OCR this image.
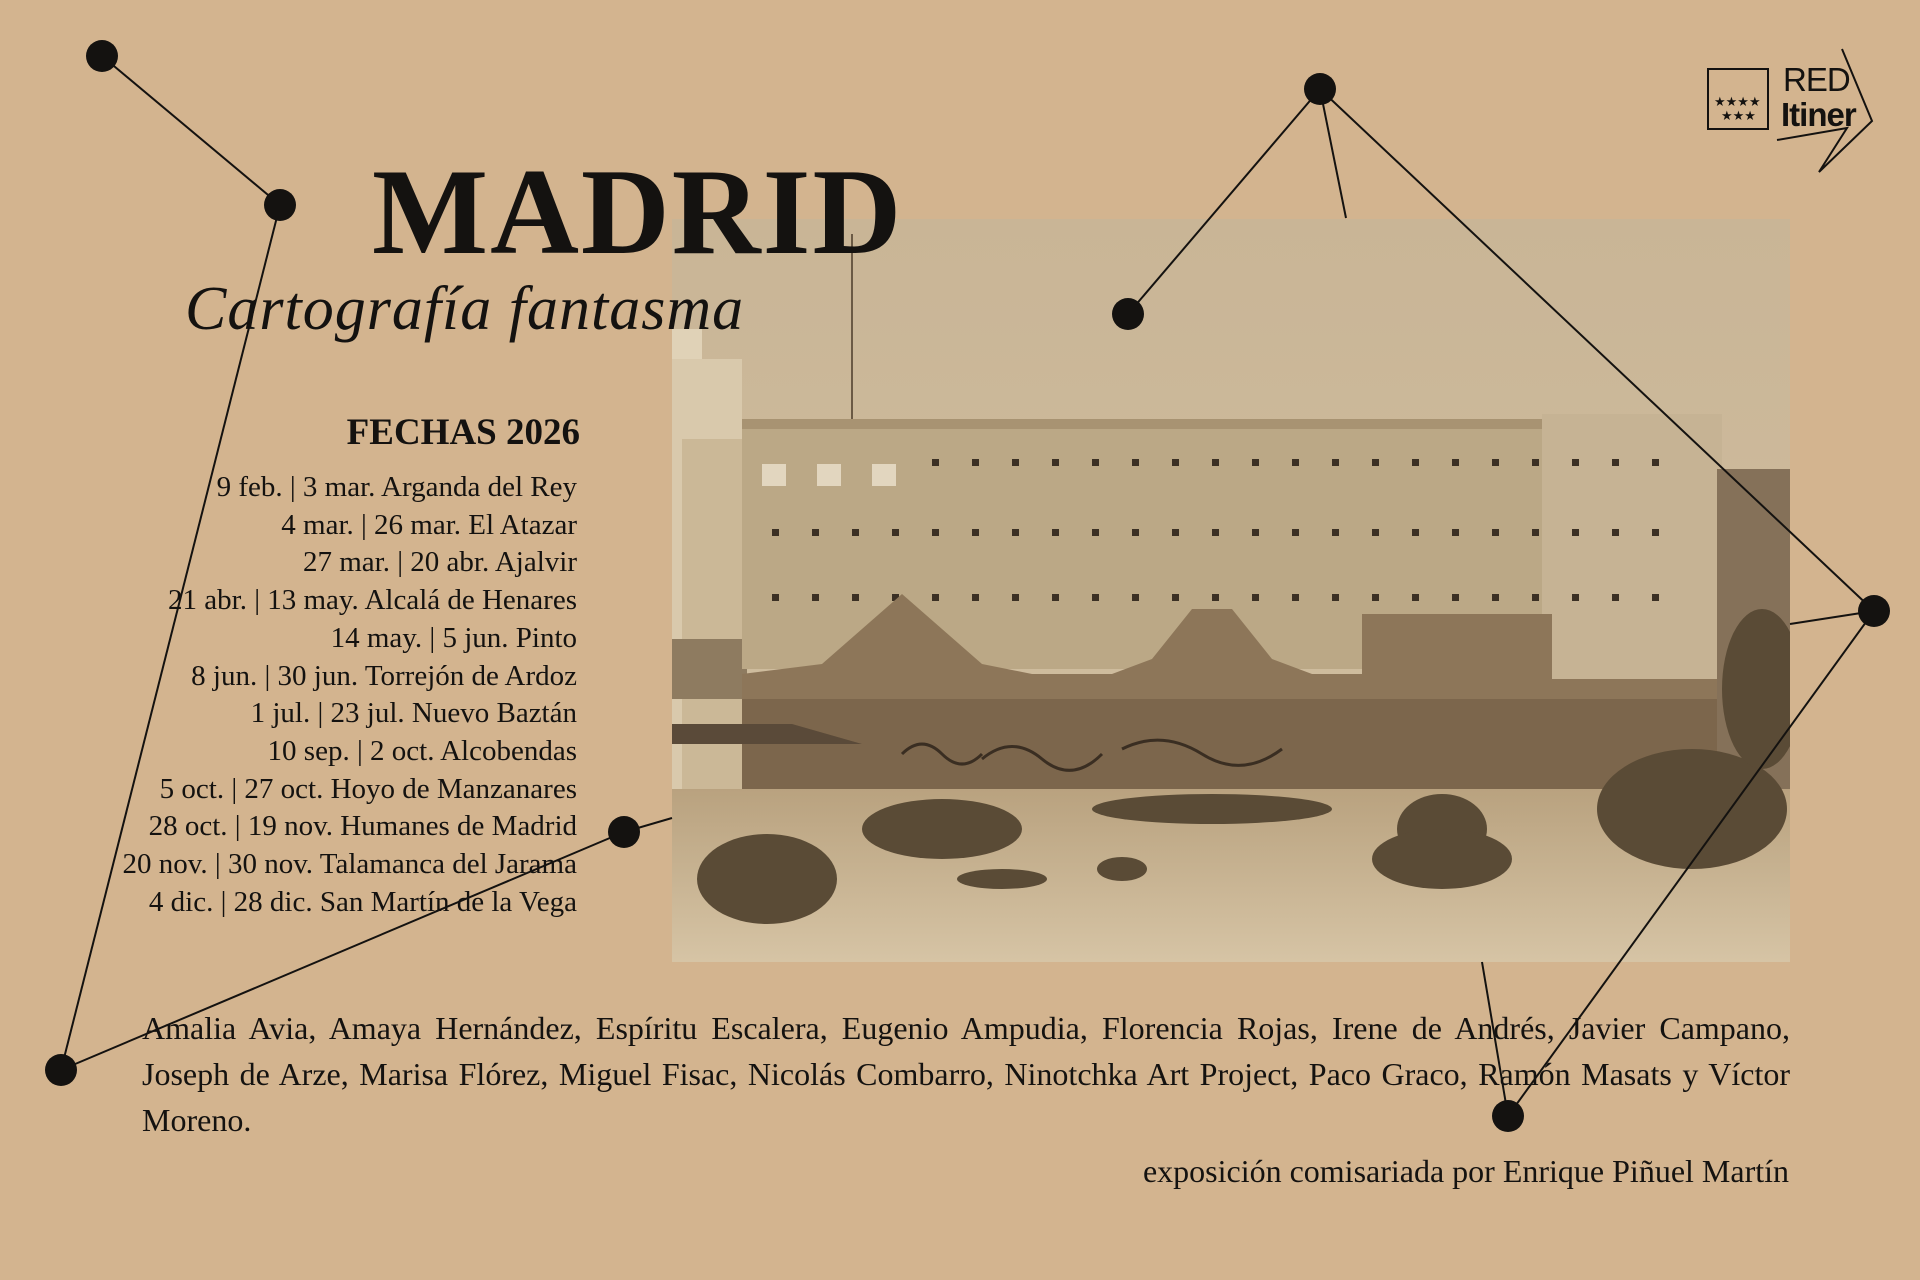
MADRID
Cartografía fantasma
FECHAS 2026
9 feb. | 3 mar. Arganda del Rey
4 mar. | 26 mar. El Atazar
27 mar. | 20 abr. Ajalvir
21 abr. | 13 may. Alcalá de Henares
14 may. | 5 jun. Pinto
8 jun. | 30 jun. Torrejón de Ardoz
1 jul. | 23 jul. Nuevo Baztán
10 sep. | 2 oct. Alcobendas
5 oct. | 27 oct. Hoyo de Manzanares
28 oct. | 19 nov. Humanes de Madrid
20 nov. | 30 nov. Talamanca del Jarama
4 dic. | 28 dic. San Martín de la Vega
Amalia Avia, Amaya Hernández, Espíritu Escalera, Eugenio Ampudia, Florencia Rojas, Irene de Andrés, Javier Campano, Joseph de Arze, Marisa Flórez, Miguel Fisac, Nicolás Combarro, Ninotchka Art Project, Paco Graco, Ramón Masats y Víctor Moreno.
exposición comisariada por Enrique Piñuel Martín
★★★★
★★★
RED
Itiner
